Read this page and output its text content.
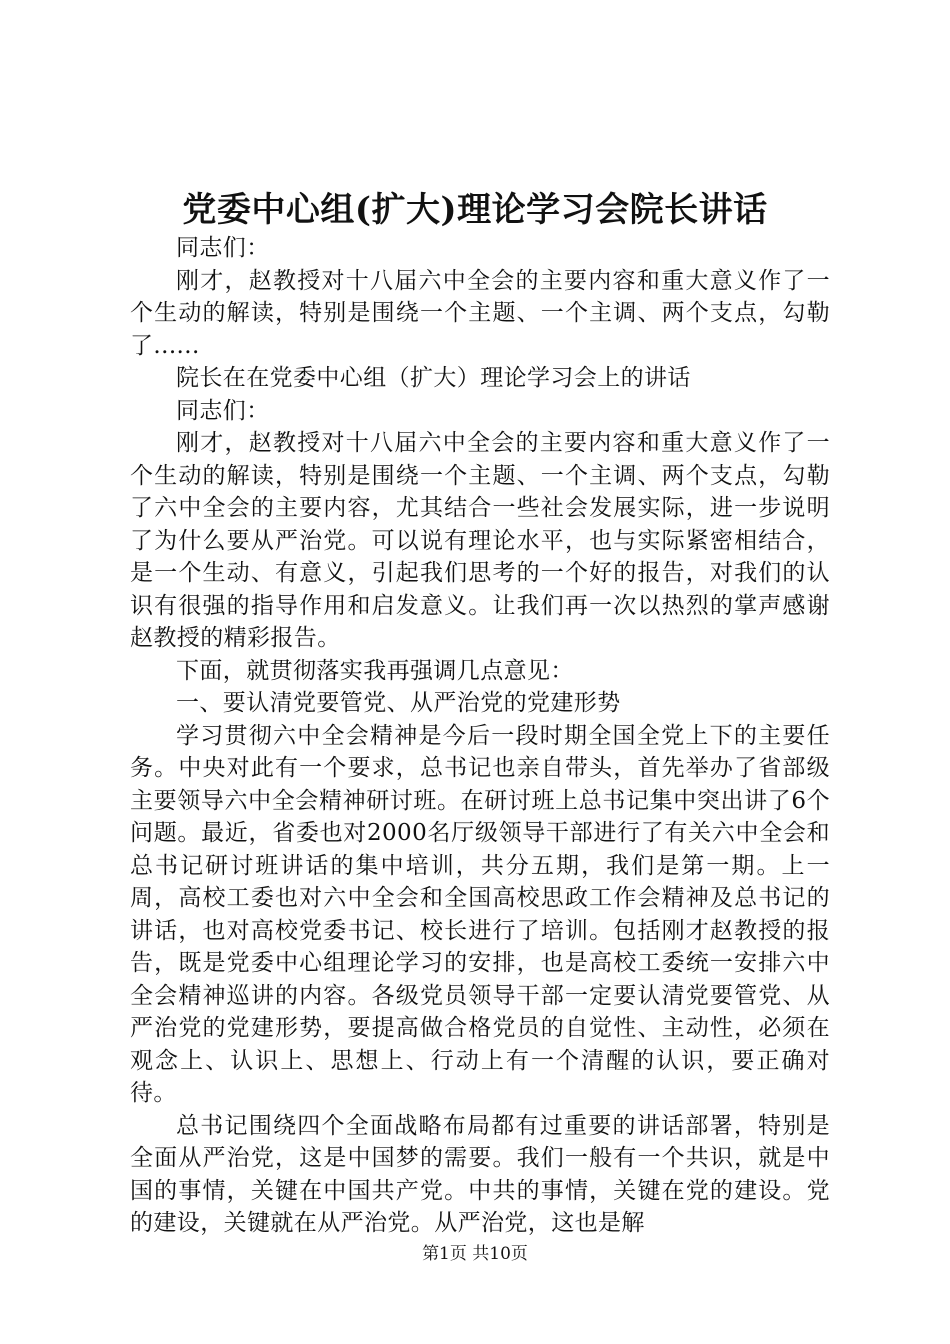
党委中心组(扩大)理论学习会院长讲话

同志们：

刚才，赵教授对十八届六中全会的主要内容和重大意义作了一个生动的解读，特别是围绕一个主题、一个主调、两个支点，勾勒了......

院长在在党委中心组（扩大）理论学习会上的讲话

同志们：

刚才，赵教授对十八届六中全会的主要内容和重大意义作了一个生动的解读，特别是围绕一个主题、一个主调、两个支点，勾勒了六中全会的主要内容，尤其结合一些社会发展实际，进一步说明了为什么要从严治党。可以说有理论水平，也与实际紧密相结合，是一个生动、有意义，引起我们思考的一个好的报告，对我们的认识有很强的指导作用和启发意义。让我们再一次以热烈的掌声感谢赵教授的精彩报告。

下面，就贯彻落实我再强调几点意见：

一、要认清党要管党、从严治党的党建形势

学习贯彻六中全会精神是今后一段时期全国全党上下的主要任务。中央对此有一个要求，总书记也亲自带头，首先举办了省部级主要领导六中全会精神研讨班。在研讨班上总书记集中突出讲了6个问题。最近，省委也对2000名厅级领导干部进行了有关六中全会和总书记研讨班讲话的集中培训，共分五期，我们是第一期。上一周，高校工委也对六中全会和全国高校思政工作会精神及总书记的讲话，也对高校党委书记、校长进行了培训。包括刚才赵教授的报告，既是党委中心组理论学习的安排，也是高校工委统一安排六中全会精神巡讲的内容。各级党员领导干部一定要认清党要管党、从严治党的党建形势，要提高做合格党员的自觉性、主动性，必须在观念上、认识上、思想上、行动上有一个清醒的认识，要正确对待。

总书记围绕四个全面战略布局都有过重要的讲话部署，特别是全面从严治党，这是中国梦的需要。我们一般有一个共识，就是中国的事情，关键在中国共产党。中共的事情，关键在党的建设。党的建设，关键就在从严治党。从严治党，这也是解

第1页 共10页
